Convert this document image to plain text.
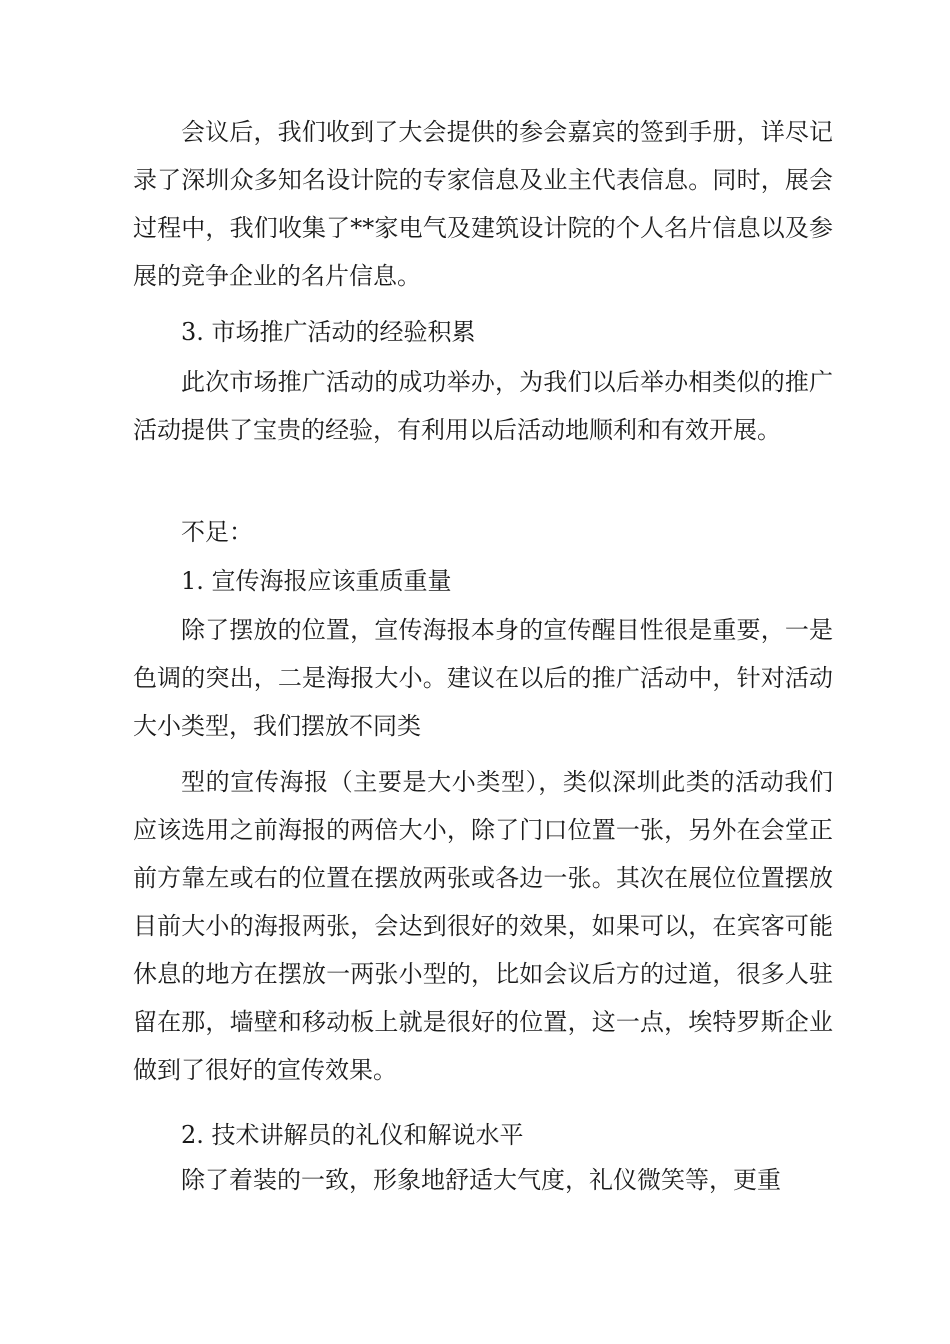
会议后，我们收到了大会提供的参会嘉宾的签到手册，详尽记录了深圳众多知名设计院的专家信息及业主代表信息。同时，展会过程中，我们收集了**家电气及建筑设计院的个人名片信息以及参展的竞争企业的名片信息。

3. 市场推广活动的经验积累

此次市场推广活动的成功举办，为我们以后举办相类似的推广活动提供了宝贵的经验，有利用以后活动地顺利和有效开展。

不足：

1. 宣传海报应该重质重量

除了摆放的位置，宣传海报本身的宣传醒目性很是重要，一是色调的突出，二是海报大小。建议在以后的推广活动中，针对活动大小类型，我们摆放不同类

型的宣传海报（主要是大小类型），类似深圳此类的活动我们应该选用之前海报的两倍大小，除了门口位置一张，另外在会堂正前方靠左或右的位置在摆放两张或各边一张。其次在展位位置摆放目前大小的海报两张，会达到很好的效果，如果可以，在宾客可能休息的地方在摆放一两张小型的，比如会议后方的过道，很多人驻留在那，墙壁和移动板上就是很好的位置，这一点，埃特罗斯企业做到了很好的宣传效果。

2. 技术讲解员的礼仪和解说水平

除了着装的一致，形象地舒适大气度，礼仪微笑等，更重
